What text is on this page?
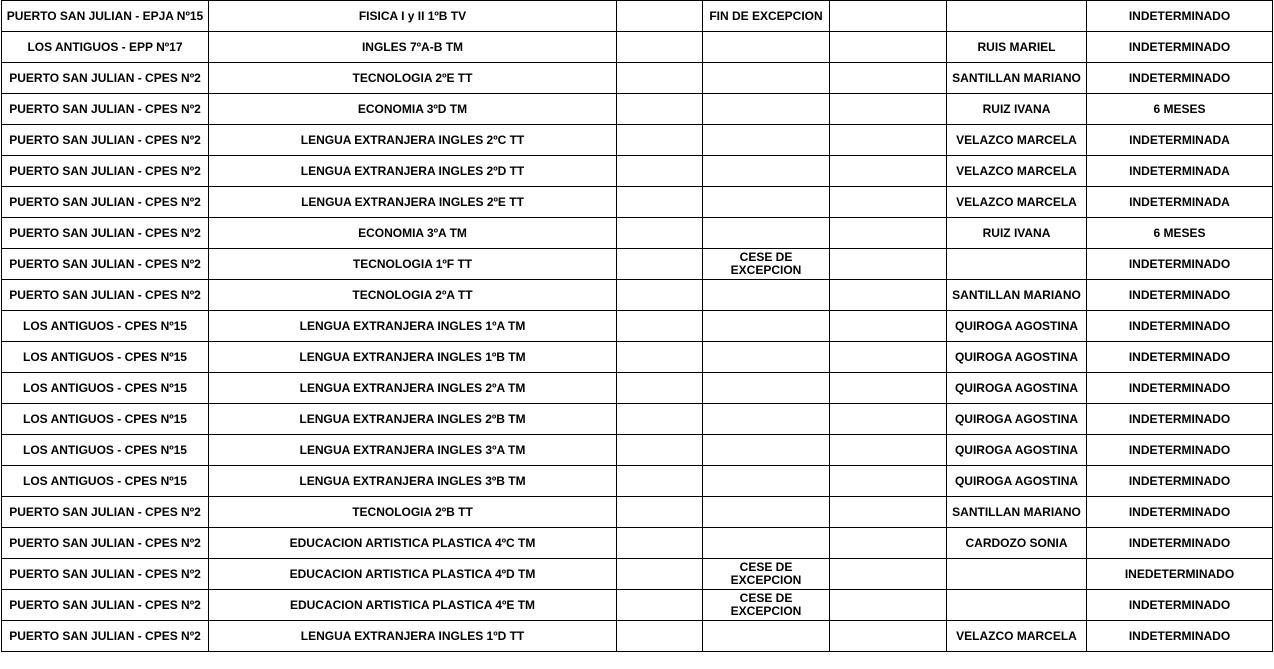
PUERTO SAN JULIAN - EPJA Nº15	FISICA I y II 1ºB TV		FIN DE EXCEPCION			INDETERMINADO
LOS ANTIGUOS - EPP Nº17	INGLES 7ºA-B TM				RUIS MARIEL	INDETERMINADO
PUERTO SAN JULIAN - CPES Nº2	TECNOLOGIA 2ºE TT				SANTILLAN MARIANO	INDETERMINADO
PUERTO SAN JULIAN - CPES Nº2	ECONOMIA 3ºD TM				RUIZ IVANA	6 MESES
PUERTO SAN JULIAN - CPES Nº2	LENGUA EXTRANJERA INGLES 2ºC TT				VELAZCO MARCELA	INDETERMINADA
PUERTO SAN JULIAN - CPES Nº2	LENGUA EXTRANJERA INGLES 2ºD TT				VELAZCO MARCELA	INDETERMINADA
PUERTO SAN JULIAN - CPES Nº2	LENGUA EXTRANJERA INGLES 2ºE TT				VELAZCO MARCELA	INDETERMINADA
PUERTO SAN JULIAN - CPES Nº2	ECONOMIA 3ºA TM				RUIZ IVANA	6 MESES
PUERTO SAN JULIAN - CPES Nº2	TECNOLOGIA 1ºF TT		CESE DE EXCEPCION			INDETERMINADO
PUERTO SAN JULIAN - CPES Nº2	TECNOLOGIA 2ºA TT				SANTILLAN MARIANO	INDETERMINADO
LOS ANTIGUOS - CPES Nº15	LENGUA EXTRANJERA INGLES 1ºA TM				QUIROGA AGOSTINA	INDETERMINADO
LOS ANTIGUOS - CPES Nº15	LENGUA EXTRANJERA INGLES 1ºB TM				QUIROGA AGOSTINA	INDETERMINADO
LOS ANTIGUOS - CPES Nº15	LENGUA EXTRANJERA INGLES 2ºA TM				QUIROGA AGOSTINA	INDETERMINADO
LOS ANTIGUOS - CPES Nº15	LENGUA EXTRANJERA INGLES 2ºB TM				QUIROGA AGOSTINA	INDETERMINADO
LOS ANTIGUOS - CPES Nº15	LENGUA EXTRANJERA INGLES 3ºA TM				QUIROGA AGOSTINA	INDETERMINADO
LOS ANTIGUOS - CPES Nº15	LENGUA EXTRANJERA INGLES 3ºB TM				QUIROGA AGOSTINA	INDETERMINADO
PUERTO SAN JULIAN - CPES Nº2	TECNOLOGIA 2ºB TT				SANTILLAN MARIANO	INDETERMINADO
PUERTO SAN JULIAN - CPES Nº2	EDUCACION ARTISTICA PLASTICA 4ºC TM				CARDOZO SONIA	INDETERMINADO
PUERTO SAN JULIAN - CPES Nº2	EDUCACION ARTISTICA PLASTICA 4ºD TM		CESE DE EXCEPCION			INEDETERMINADO
PUERTO SAN JULIAN - CPES Nº2	EDUCACION ARTISTICA PLASTICA 4ºE TM		CESE DE EXCEPCION			INDETERMINADO
PUERTO SAN JULIAN - CPES Nº2	LENGUA EXTRANJERA INGLES 1ºD TT				VELAZCO MARCELA	INDETERMINADO
